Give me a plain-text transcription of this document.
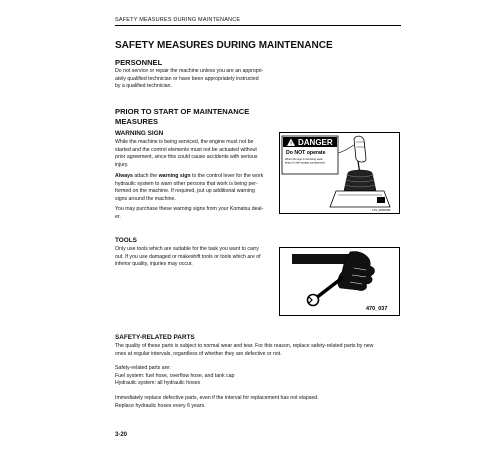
SAFETY MEASURES DURING MAINTENANCE
SAFETY MEASURES DURING MAINTENANCE
PERSONNEL
Do not service or repair the machine unless you are an appropri-
ately qualified technician or have been appropriately instructed
by a qualified technician.
PRIOR TO START OF MAINTENANCE
MEASURES
WARNING SIGN
While the machine is being serviced, the engine must not be
started and the control elements must not be actuated without
prior agreement, since this could cause accidents with serious
injury.
Always attach the warning sign to the control lever for the work
hydraulic system to warn other persons that work is being per-
formed on the machine. If required, put up additional warning
signs around the machine.
You may purchase these warning signs from your Komatsu deal-
er.
! DANGER
Do NOT operate
When this sign is not being used,
keep it in the storage compartment.
175_0000099
TOOLS
Only use tools which are suitable for the task you want to carry
out. If you use damaged or makeshift tools or tools which are of
inferior quality, injuries may occur.
470_037
SAFETY-RELATED PARTS
The quality of these parts is subject to normal wear and tear. For this reason, replace safety-related parts by new
ones at regular intervals, regardless of whether they are defective or not.
Safety-related parts are:
Fuel system: fuel hose, overflow hose, and tank cap
Hydraulic system: all hydraulic hoses
Immediately replace defective parts, even if the interval for replacement has not elapsed.
Replace hydraulic hoses every 6 years.
3-20
